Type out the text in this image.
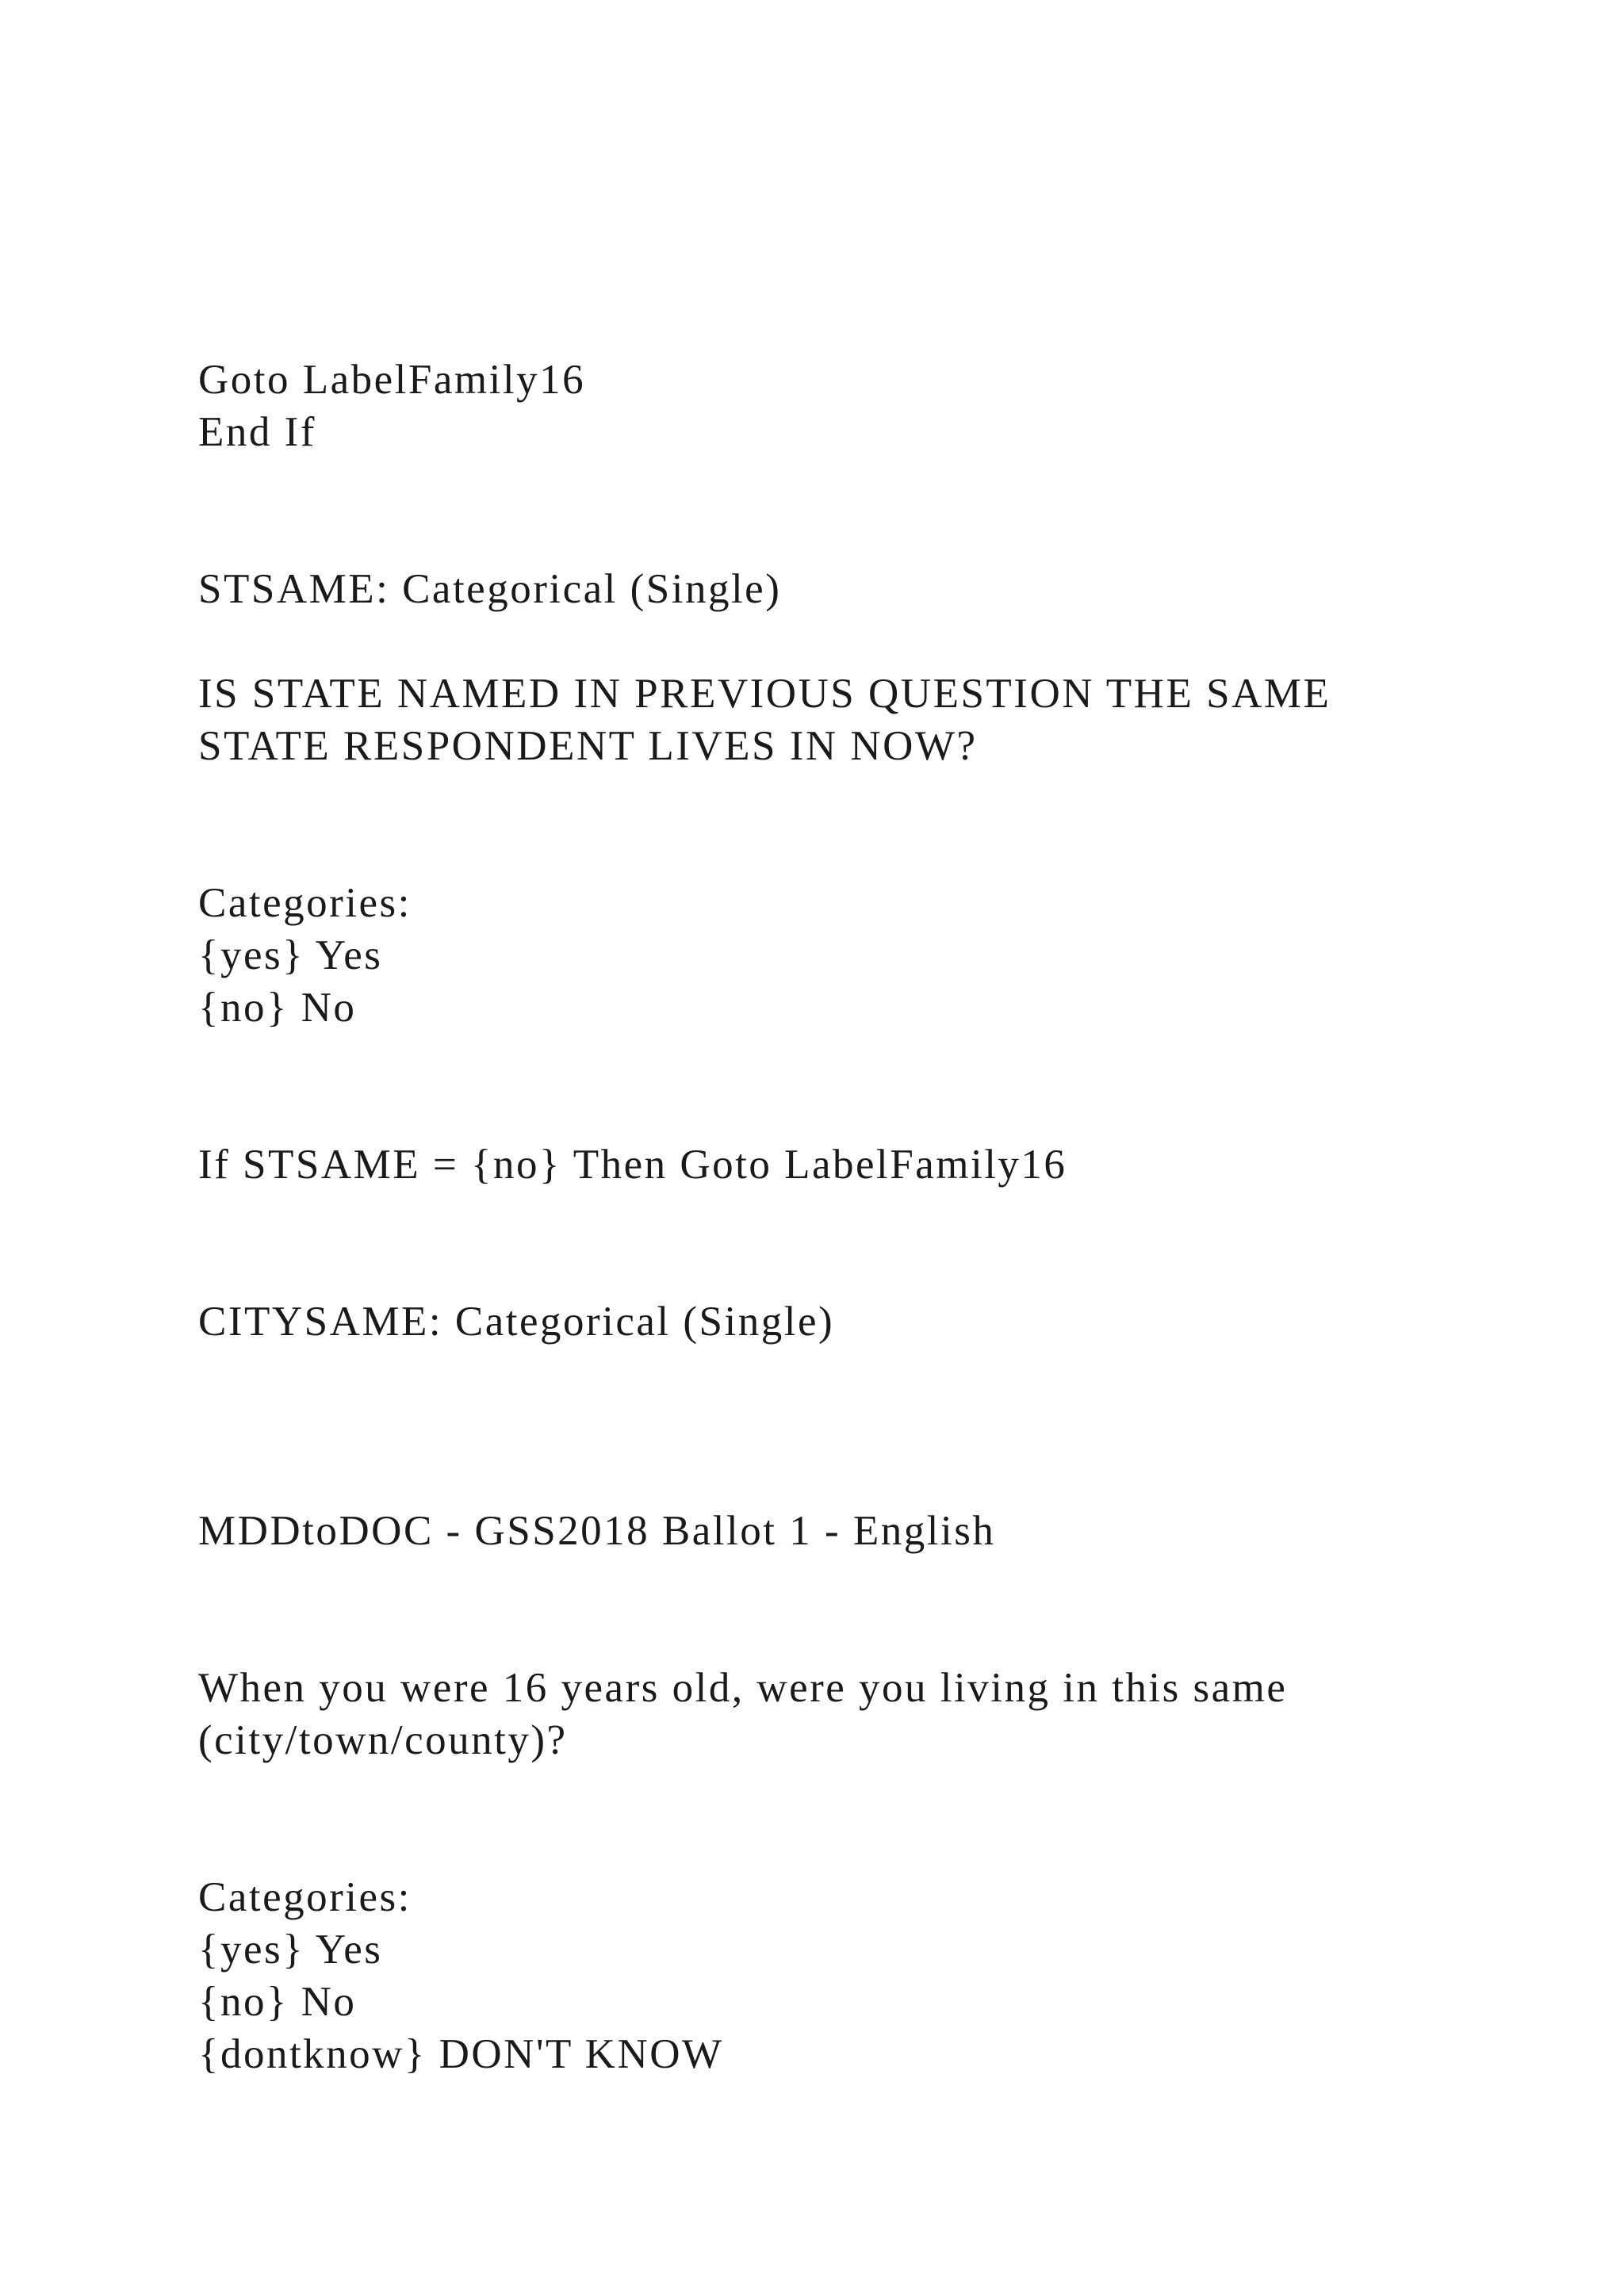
Goto LabelFamily16

End If

STSAME: Categorical (Single)

IS STATE NAMED IN PREVIOUS QUESTION THE SAME

STATE RESPONDENT LIVES IN NOW?

Categories:

{yes} Yes

{no} No

If STSAME = {no} Then Goto LabelFamily16

CITYSAME: Categorical (Single)

MDDtoDOC - GSS2018 Ballot 1 - English

When you were 16 years old, were you living in this same

(city/town/county)?

Categories:

{yes} Yes

{no} No

{dontknow} DON'T KNOW
